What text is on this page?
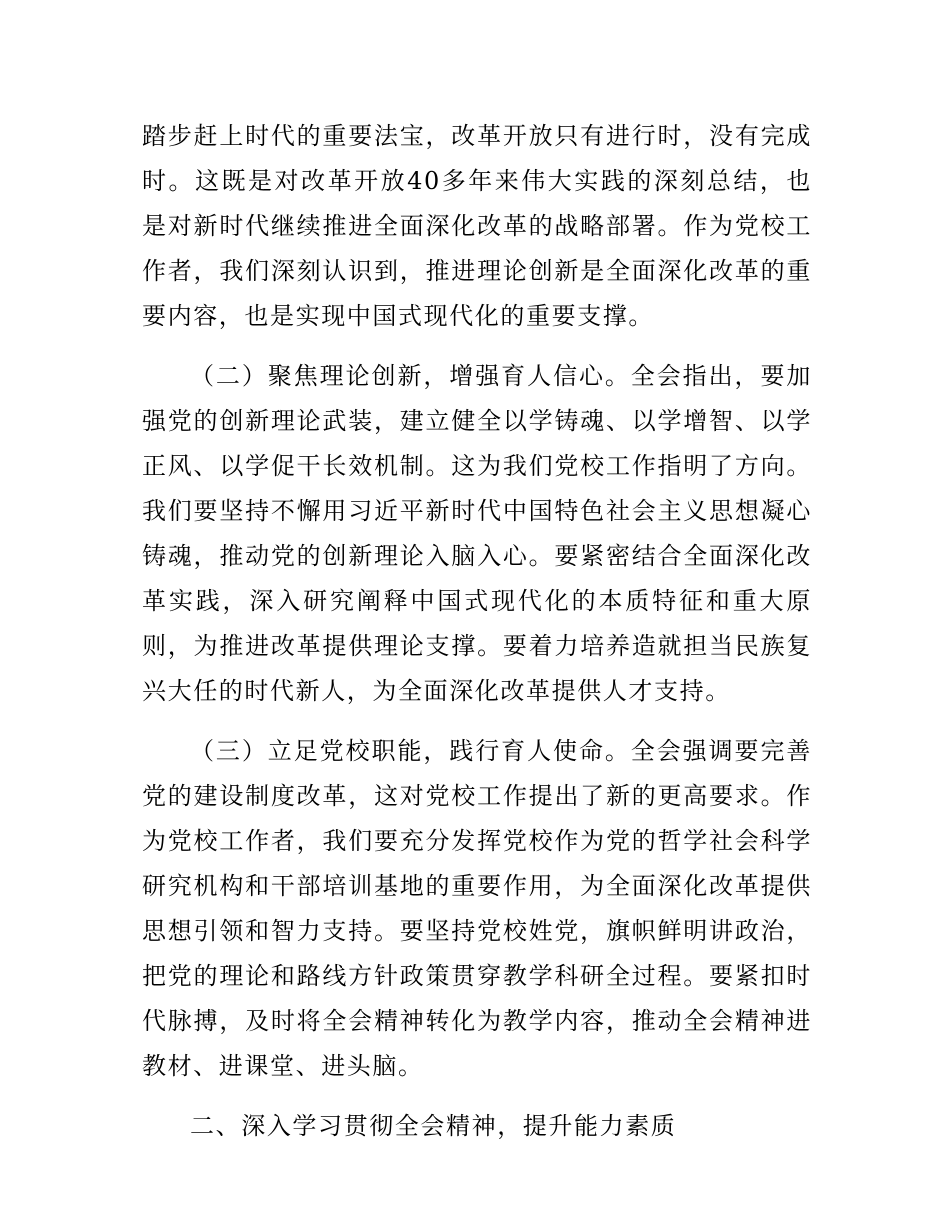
踏步赶上时代的重要法宝，改革开放只有进行时，没有完成时。这既是对改革开放40多年来伟大实践的深刻总结，也是对新时代继续推进全面深化改革的战略部署。作为党校工作者，我们深刻认识到，推进理论创新是全面深化改革的重要内容，也是实现中国式现代化的重要支撑。

（二）聚焦理论创新，增强育人信心。全会指出，要加强党的创新理论武装，建立健全以学铸魂、以学增智、以学正风、以学促干长效机制。这为我们党校工作指明了方向。我们要坚持不懈用习近平新时代中国特色社会主义思想凝心铸魂，推动党的创新理论入脑入心。要紧密结合全面深化改革实践，深入研究阐释中国式现代化的本质特征和重大原则，为推进改革提供理论支撑。要着力培养造就担当民族复兴大任的时代新人，为全面深化改革提供人才支持。

（三）立足党校职能，践行育人使命。全会强调要完善党的建设制度改革，这对党校工作提出了新的更高要求。作为党校工作者，我们要充分发挥党校作为党的哲学社会科学研究机构和干部培训基地的重要作用，为全面深化改革提供思想引领和智力支持。要坚持党校姓党，旗帜鲜明讲政治，把党的理论和路线方针政策贯穿教学科研全过程。要紧扣时代脉搏，及时将全会精神转化为教学内容，推动全会精神进教材、进课堂、进头脑。

二、深入学习贯彻全会精神，提升能力素质
